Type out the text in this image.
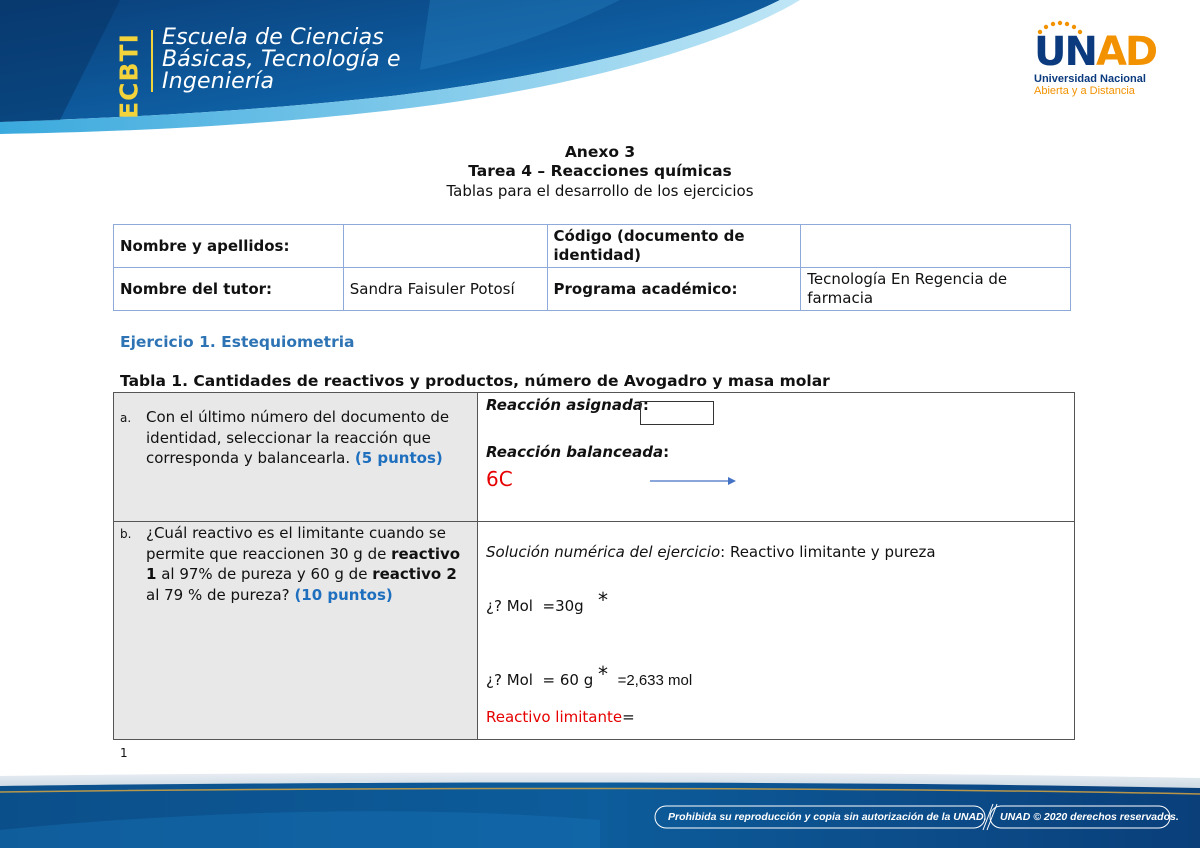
ECBTI Escuela de Ciencias
Básicas, Tecnología e
Ingeniería
UNAD
Universidad Nacional
Abierta y a Distancia
Anexo 3
Tarea 4 – Reacciones químicas
Tablas para el desarrollo de los ejercicios
Nombre y apellidos:		Código (documento de identidad)	
Nombre del tutor:	Sandra Faisuler Potosí	Programa académico:	Tecnología En Regencia de farmacia
Ejercicio 1. Estequiometria
Tabla 1. Cantidades de reactivos y productos, número de Avogadro y masa molar
a. Con el último número del documento de identidad, seleccionar la reacción que corresponda y balancearla. (5 puntos)
Reacción asignada:
Reacción balanceada:
6C
b. ¿Cuál reactivo es el limitante cuando se permite que reaccionen 30 g de reactivo 1 al 97% de pureza y 60 g de reactivo 2 al 79 % de pureza? (10 puntos)
Solución numérica del ejercicio: Reactivo limitante y pureza
¿? Mol  =30g *
¿? Mol  = 60 g * =2,633 mol
Reactivo limitante=
1
Prohibida su reproducción y copia sin autorización de la UNAD. UNAD © 2020 derechos reservados.
